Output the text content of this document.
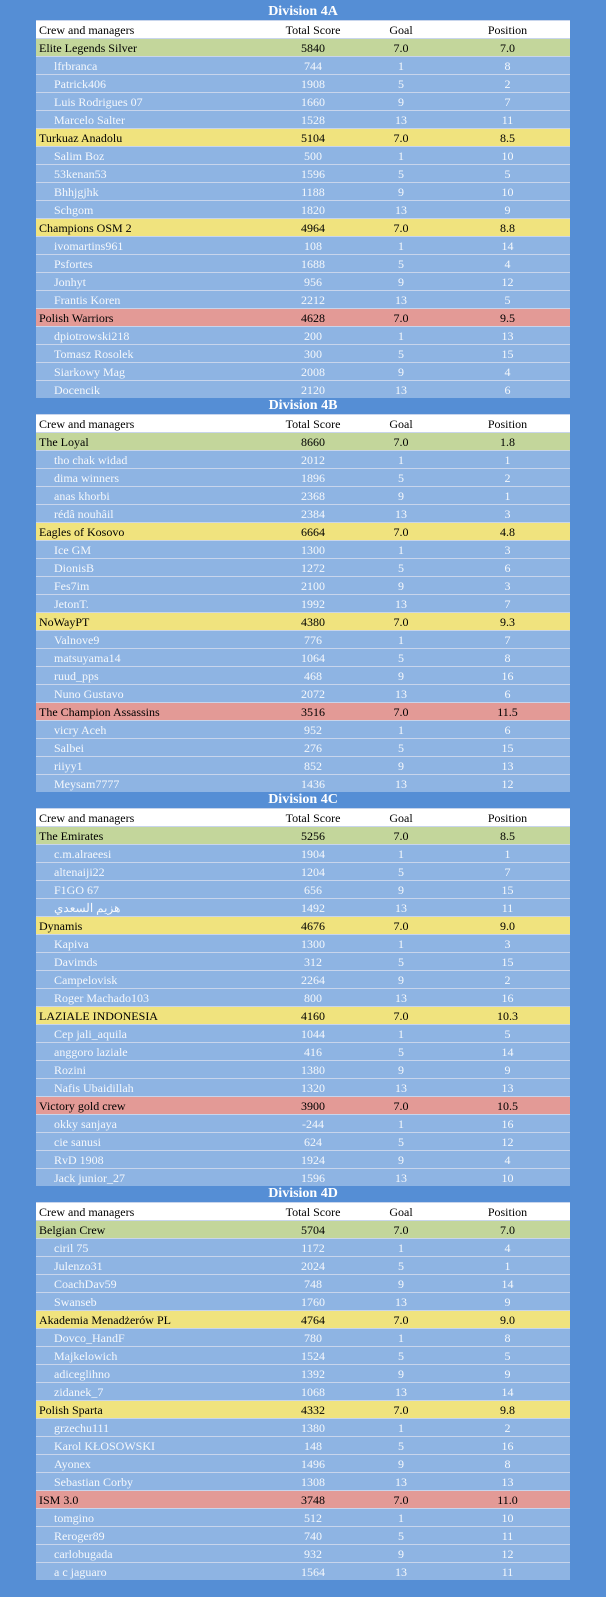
Division 4A
Crew and managers	Total Score	Goal	Position
Elite Legends Silver	5840	7.0	7.0
lfrbranca	744	1	8
Patrick406	1908	5	2
Luis Rodrigues 07	1660	9	7
Marcelo Salter	1528	13	11
Turkuaz Anadolu	5104	7.0	8.5
Salim Boz	500	1	10
53kenan53	1596	5	5
Bhhjgjhk	1188	9	10
Schgom	1820	13	9
Champions OSM 2	4964	7.0	8.8
ivomartins961	108	1	14
Psfortes	1688	5	4
Jonhyt	956	9	12
Frantis Koren	2212	13	5
Polish Warriors	4628	7.0	9.5
dpiotrowski218	200	1	13
Tomasz Rosolek	300	5	15
Siarkowy Mag	2008	9	4
Docencik	2120	13	6
Division 4B
Crew and managers	Total Score	Goal	Position
The Loyal	8660	7.0	1.8
tho chak widad	2012	1	1
dima winners	1896	5	2
anas khorbi	2368	9	1
rédâ nouhâil	2384	13	3
Eagles of Kosovo	6664	7.0	4.8
Ice GM	1300	1	3
DionisB	1272	5	6
Fes7im	2100	9	3
JetonT.	1992	13	7
NoWayPT	4380	7.0	9.3
Valnove9	776	1	7
matsuyama14	1064	5	8
ruud_pps	468	9	16
Nuno Gustavo	2072	13	6
The Champion Assassins	3516	7.0	11.5
vicry Aceh	952	1	6
Salbei	276	5	15
riiyy1	852	9	13
Meysam7777	1436	13	12
Division 4C
Crew and managers	Total Score	Goal	Position
The Emirates	5256	7.0	8.5
c.m.alraeesi	1904	1	1
altenaiji22	1204	5	7
F1GO 67	656	9	15
هزيم السعدي	1492	13	11
Dynamis	4676	7.0	9.0
Kapiva	1300	1	3
Davimds	312	5	15
Campelovisk	2264	9	2
Roger Machado103	800	13	16
LAZIALE INDONESIA	4160	7.0	10.3
Cep jali_aquila	1044	1	5
anggoro laziale	416	5	14
Rozini	1380	9	9
Nafis Ubaidillah	1320	13	13
Victory gold crew	3900	7.0	10.5
okky sanjaya	-244	1	16
cie sanusi	624	5	12
RvD 1908	1924	9	4
Jack junior_27	1596	13	10
Division 4D
Crew and managers	Total Score	Goal	Position
Belgian Crew	5704	7.0	7.0
ciril 75	1172	1	4
Julenzo31	2024	5	1
CoachDav59	748	9	14
Swanseb	1760	13	9
Akademia Menadżerów PL	4764	7.0	9.0
Dovco_HandF	780	1	8
Majkelowich	1524	5	5
adiceglihno	1392	9	9
zidanek_7	1068	13	14
Polish Sparta	4332	7.0	9.8
grzechu111	1380	1	2
Karol KŁOSOWSKI	148	5	16
Ayonex	1496	9	8
Sebastian Corby	1308	13	13
ISM 3.0	3748	7.0	11.0
tomgino	512	1	10
Reroger89	740	5	11
carlobugada	932	9	12
a c jaguaro	1564	13	11
